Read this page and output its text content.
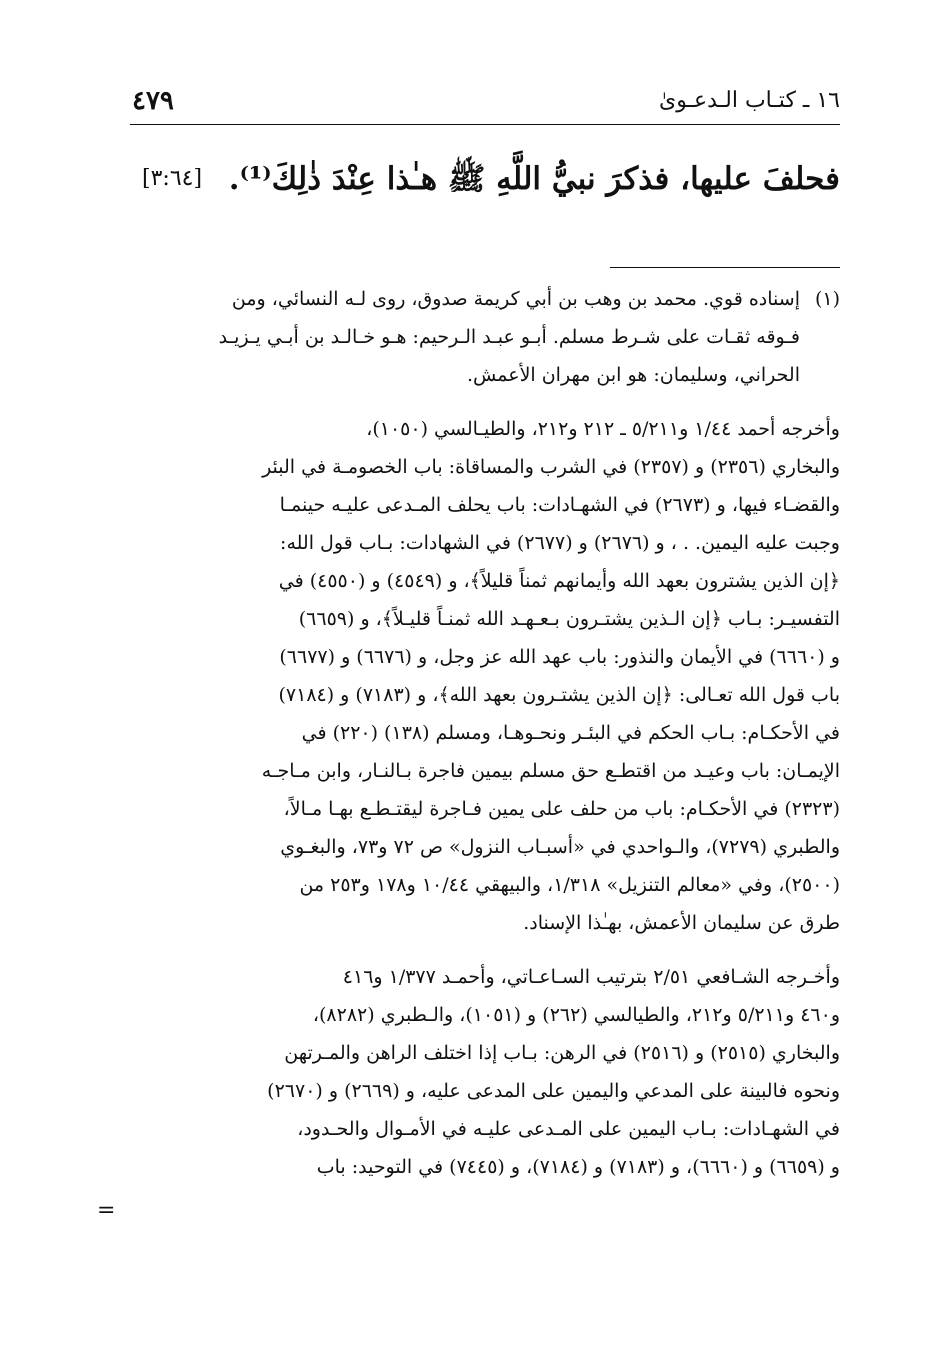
٤٧٩	١٦ ـ كتـاب الـدعـوىٰ
فحلفَ عليها، فذكرَ نبيُّ اللَّهِ ﷺ هـٰذا عِنْدَ ذٰلِكَ⁽¹⁾.
[٣:٦٤]
(١)
إسناده قوي. محمد بن وهب بن أبي كريمة صدوق، روى لـه النسائي، ومن
فـوقه ثقـات على شـرط مسلم. أبـو عبـد الـرحيم: هـو خـالـد بن أبـي يـزيـد
الحراني، وسليمان: هو ابن مهران الأعمش.
وأخرجه أحمد ١/٤٤ و٥/٢١١ ـ ٢١٢ و٢١٢، والطيـالسي (١٠٥٠)،
والبخاري (٢٣٥٦) و (٢٣٥٧) في الشرب والمساقاة: باب الخصومـة في البئر
والقضـاء فيها، و (٢٦٧٣) في الشهـادات: باب يحلف المـدعى عليـه حينمـا
وجبت عليه اليمين. . ، و (٢٦٧٦) و (٢٦٧٧) في الشهادات: بـاب قول الله:
﴿إن الذين يشترون بعهد الله وأيمانهم ثمناً قليلاً﴾، و (٤٥٤٩) و (٤٥٥٠) في
التفسيـر: بـاب ﴿إن الـذين يشتـرون بـعـهـد الله ثمنـاً قليـلاً﴾، و (٦٦٥٩)
و (٦٦٦٠) في الأيمان والنذور: باب عهد الله عز وجل، و (٦٦٧٦) و (٦٦٧٧)
باب قول الله تعـالى: ﴿إن الذين يشتـرون بعهد الله﴾، و (٧١٨٣) و (٧١٨٤)
في الأحكـام: بـاب الحكم في البئـر ونحـوهـا، ومسلم (١٣٨) (٢٢٠) في
الإيمـان: باب وعيـد من اقتطـع حق مسلم بيمين فاجرة بـالنـار، وابن مـاجـه
(٢٣٢٣) في الأحكـام: باب من حلف على يمين فـاجرة ليقتـطـع بهـا مـالاً،
والطبري (٧٢٧٩)، والـواحدي في «أسبـاب النزول» ص ٧٢ و٧٣، والبغـوي
(٢٥٠٠)، وفي «معالم التنزيل» ١/٣١٨، والبيهقي ١٠/٤٤ و١٧٨ و٢٥٣ من
طرق عن سليمان الأعمش، بهـٰذا الإسناد.
وأخـرجه الشـافعي ٢/٥١ بترتيب السـاعـاتي، وأحمـد ١/٣٧٧ و٤١٦
و٤٦٠ و٥/٢١١ و٢١٢، والطيالسي (٢٦٢) و (١٠٥١)، والـطبري (٨٢٨٢)،
والبخاري (٢٥١٥) و (٢٥١٦) في الرهن: بـاب إذا اختلف الراهن والمـرتهن
ونحوه فالبينة على المدعي واليمين على المدعى عليه، و (٢٦٦٩) و (٢٦٧٠)
في الشهـادات: بـاب اليمين على المـدعى عليـه في الأمـوال والحـدود،
و (٦٦٥٩) و (٦٦٦٠)، و (٧١٨٣) و (٧١٨٤)، و (٧٤٤٥) في التوحيد: باب
=
